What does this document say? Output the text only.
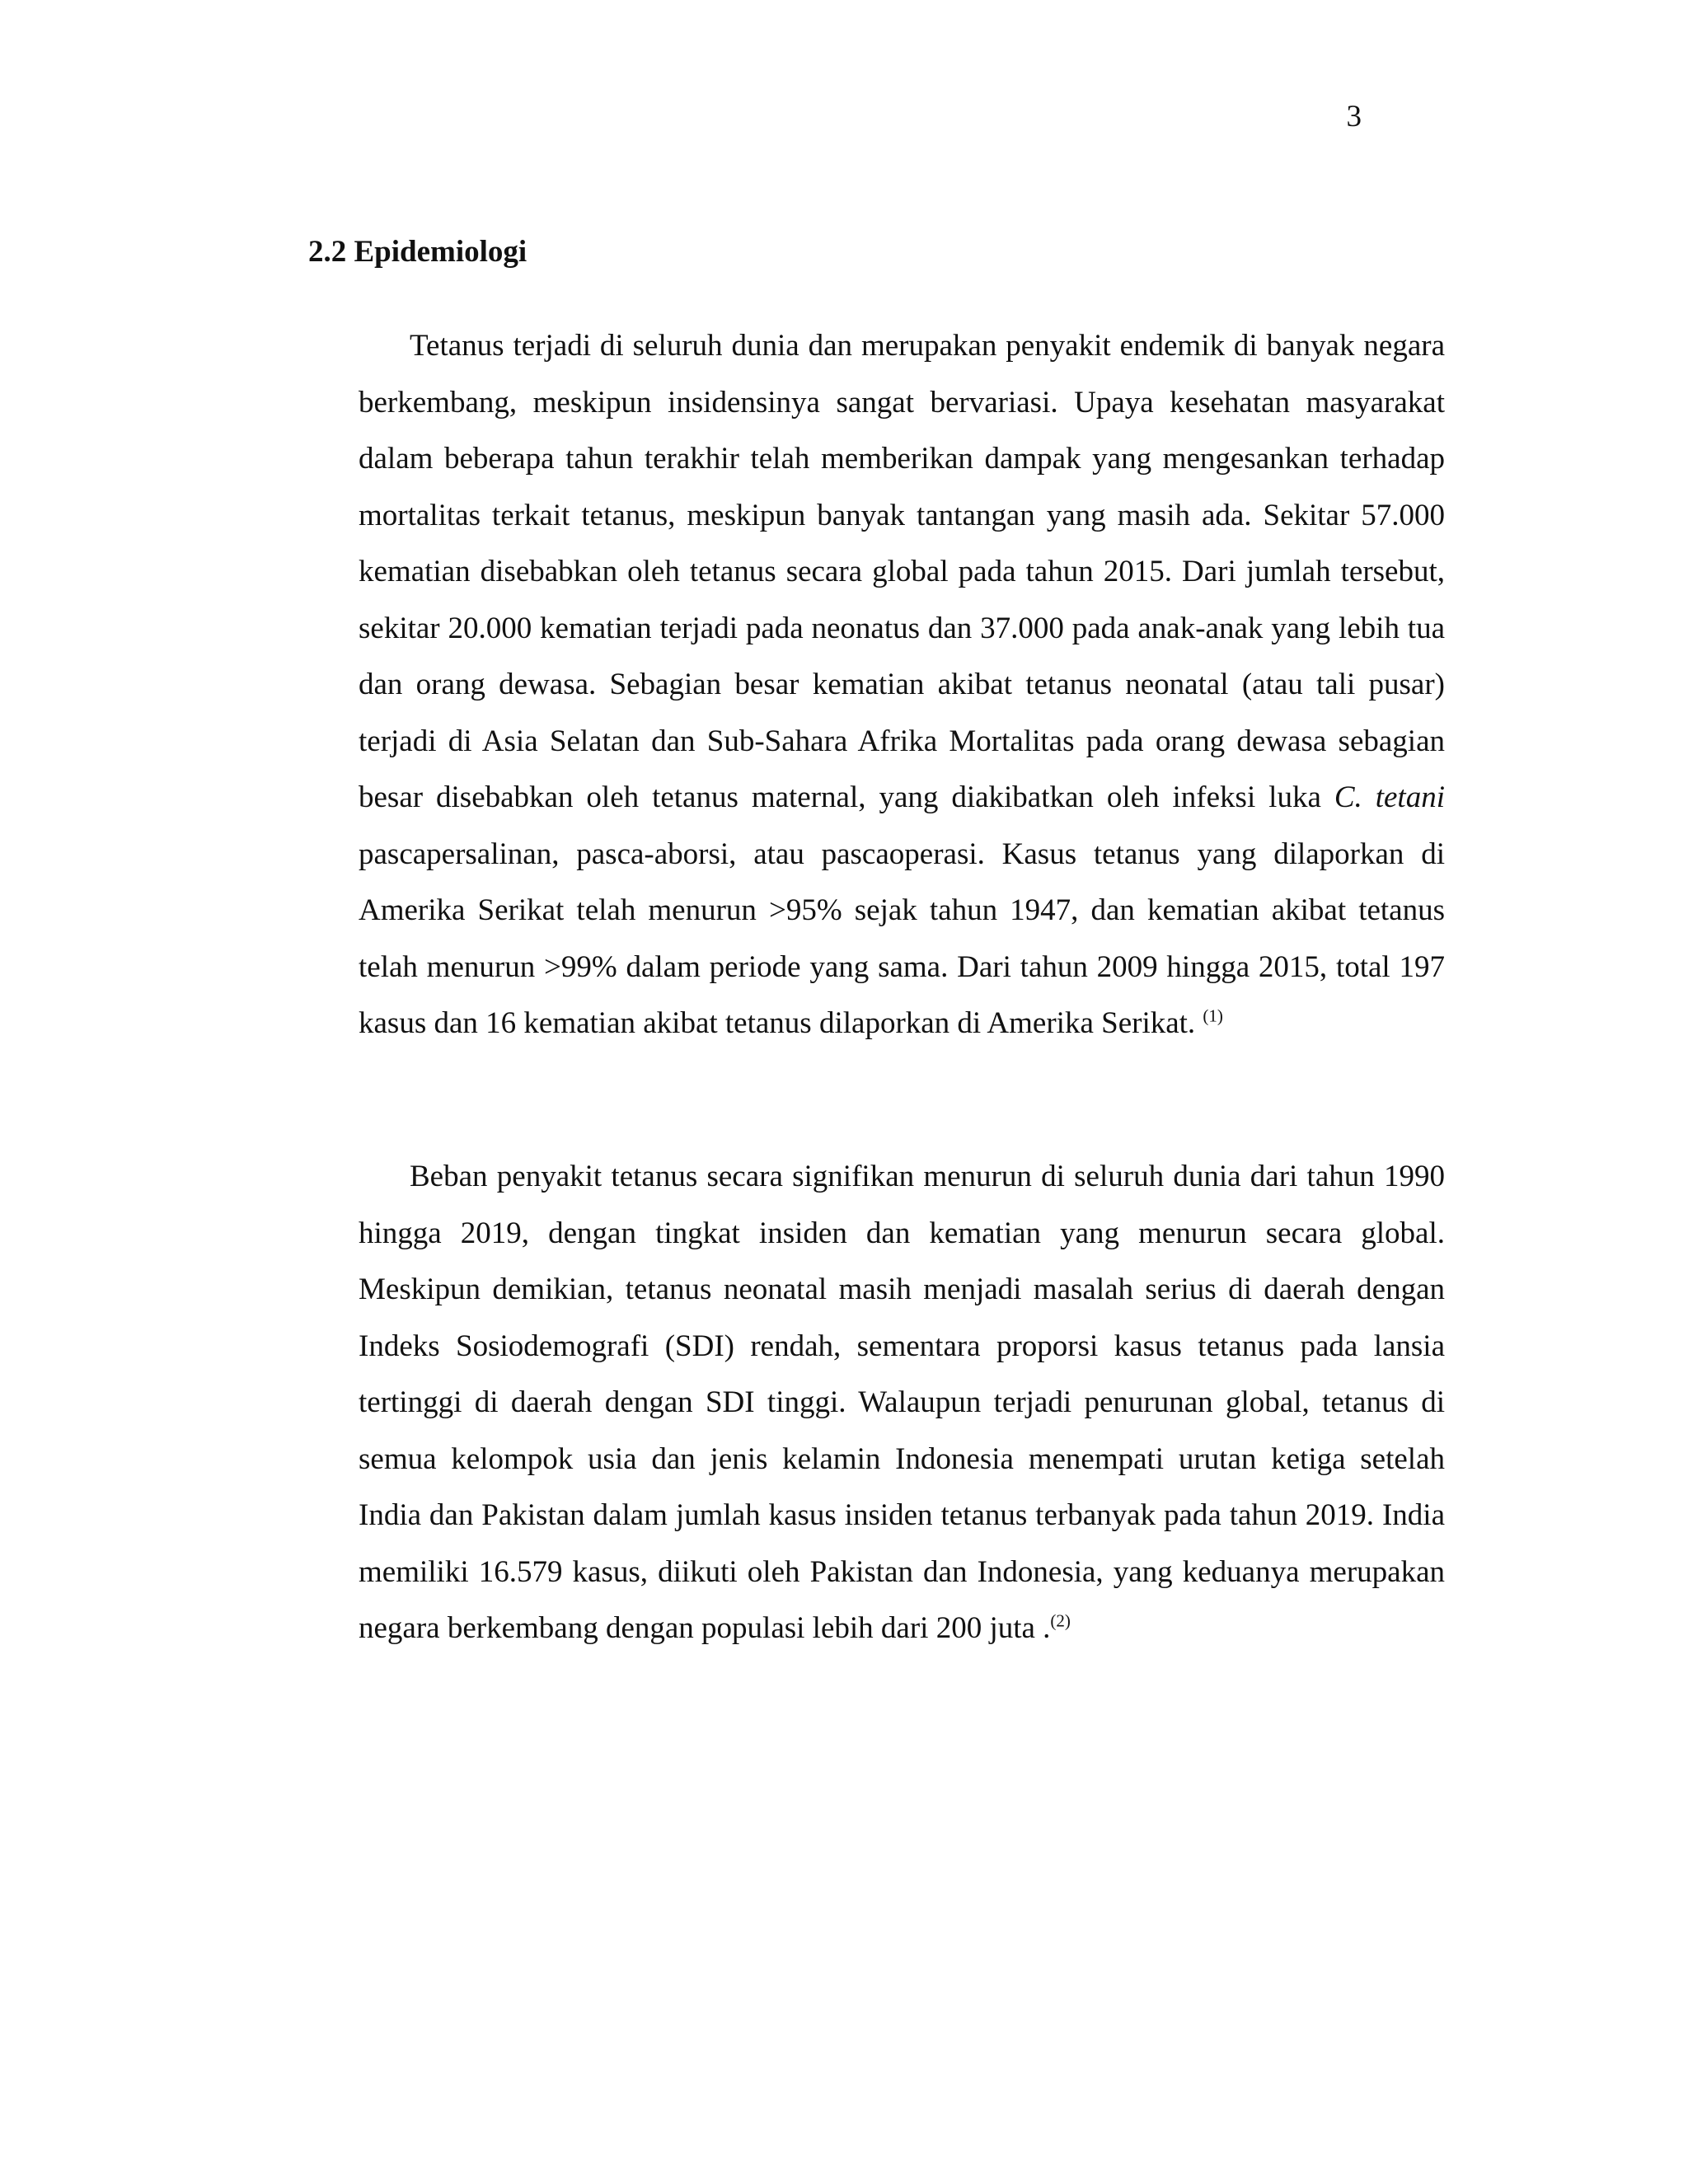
3
2.2 Epidemiologi

Tetanus terjadi di seluruh dunia dan merupakan penyakit endemik di banyak negara berkembang, meskipun insidensinya sangat bervariasi. Upaya kesehatan masyarakat dalam beberapa tahun terakhir telah memberikan dampak yang mengesankan terhadap mortalitas terkait tetanus, meskipun banyak tantangan yang masih ada. Sekitar 57.000 kematian disebabkan oleh tetanus secara global pada tahun 2015. Dari jumlah tersebut, sekitar 20.000 kematian terjadi pada neonatus dan 37.000 pada anak-anak yang lebih tua dan orang dewasa. Sebagian besar kematian akibat tetanus neonatal (atau tali pusar) terjadi di Asia Selatan dan Sub-Sahara Afrika Mortalitas pada orang dewasa sebagian besar disebabkan oleh tetanus maternal, yang diakibatkan oleh infeksi luka C. tetani pascapersalinan, pasca-aborsi, atau pascaoperasi. Kasus tetanus yang dilaporkan di Amerika Serikat telah menurun >95% sejak tahun 1947, dan kematian akibat tetanus telah menurun >99% dalam periode yang sama. Dari tahun 2009 hingga 2015, total 197 kasus dan 16 kematian akibat tetanus dilaporkan di Amerika Serikat. $^{(1)}$

Beban penyakit tetanus secara signifikan menurun di seluruh dunia dari tahun 1990 hingga 2019, dengan tingkat insiden dan kematian yang menurun secara global. Meskipun demikian, tetanus neonatal masih menjadi masalah serius di daerah dengan Indeks Sosiodemografi (SDI) rendah, sementara proporsi kasus tetanus pada lansia tertinggi di daerah dengan SDI tinggi. Walaupun terjadi penurunan global, tetanus di semua kelompok usia dan jenis kelamin Indonesia menempati urutan ketiga setelah India dan Pakistan dalam jumlah kasus insiden tetanus terbanyak pada tahun 2019. India memiliki 16.579 kasus, diikuti oleh Pakistan dan Indonesia, yang keduanya merupakan negara berkembang dengan populasi lebih dari 200 juta .$^{(2)}$
